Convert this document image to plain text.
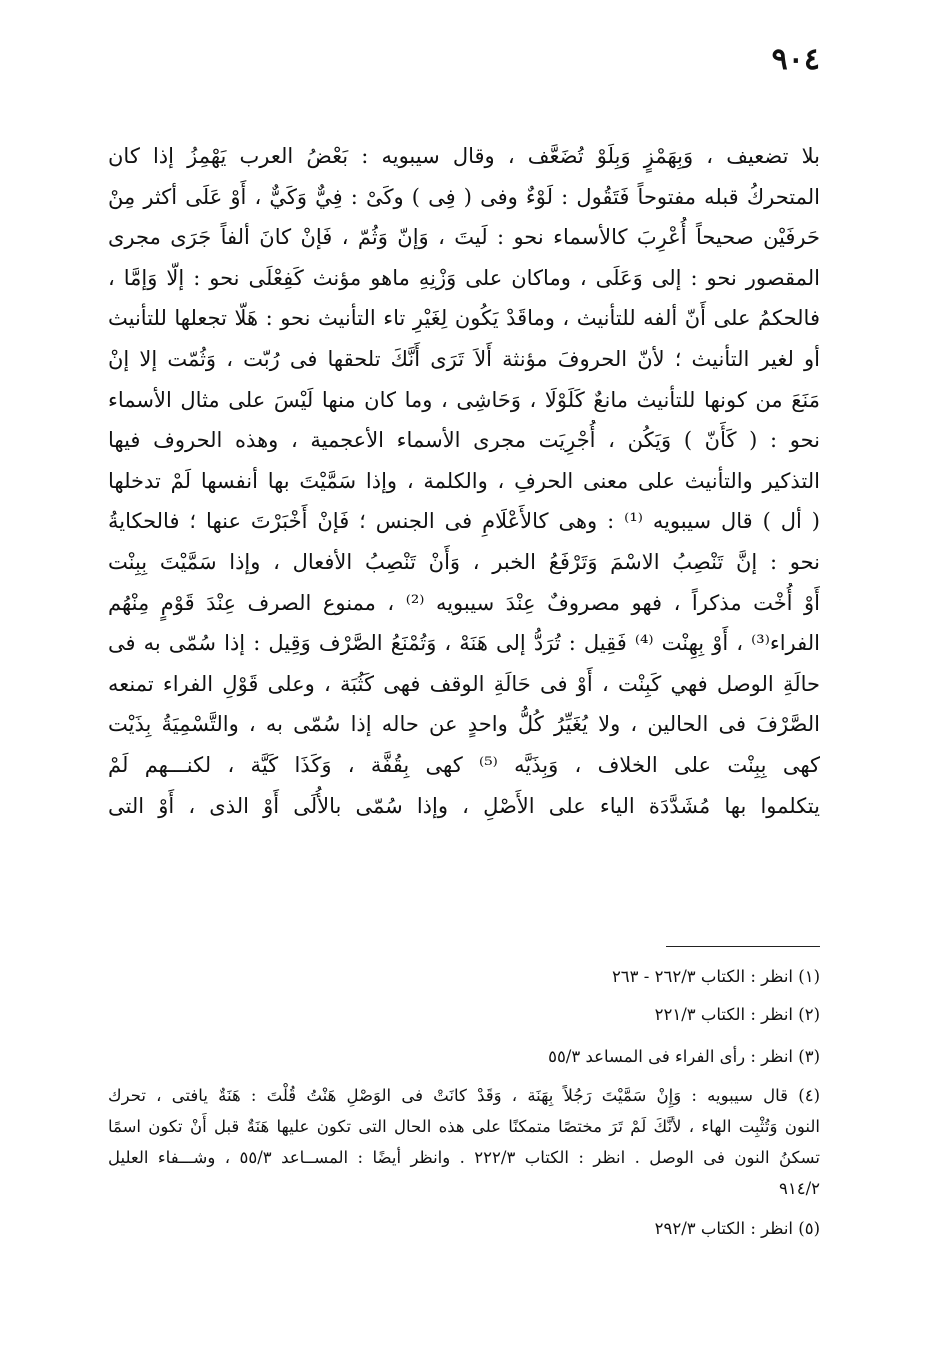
٩٠٤
بلا تضعيف ، وَبِهَمْزٍ وَبِلَوْ تُضَعَّف ، وقال سيبويه : بَعْضُ العرب يَهْمِزُ إذا كان
المتحركُ قبله مفتوحاً فَتَقُول : لَوْءٌ وفى ( فِى ) وكَىْ : فِيٌّ وَكَيٌّ ، أَوْ عَلَى أكثر مِنْ
حَرفَيْن صحيحاً أُعْرِبَ كالأسماء نحو : لَيتَ ، وَإنّ وَثُمّ ، فَإنْ كانَ ألفاً جَرَى مجرى
المقصور نحو : إلى وَعَلَى ، وماكان على وَزْنِهِ ماهو مؤنث كَفِعْلَى نحو : إلّا وَإمَّا ،
فالحكمُ على أَنّ ألفه للتأنيث ، وماقَدْ يَكُون لِغَيْرِ تاء التأنيث نحو : هَلّا تجعلها للتأنيث
أو لغير التأنيث ؛ لأنّ الحروفَ مؤنثة أَلاَ تَرَى أَنَّكَ تلحقها فى رُبّت ، وَثُمّت إلا إنْ
مَنَعَ من كونها للتأنيث مانعٌ كَلَوْلَا ، وَحَاشِى ، وما كان منها لَيْسَ على مثال الأسماء
نحو : ( كَأَنّ ) وَيَكُن ، أُجْرِيَت مجرى الأسماء الأعجمية ، وهذه الحروف فيها
التذكير والتأنيث على معنى الحرفِ ، والكلمة ، وإذا سَمَّيْتَ بها أنفسها لَمْ تدخلها
( أل ) قال سيبويه ⁽¹⁾ : وهى كالأَعْلَامِ فى الجنس ؛ فَإنْ أَخْبَرْتَ عنها ؛ فالحكايةُ
نحو : إنَّ تَنْصِبُ الاسْمَ وَتَرْفَعُ الخبر ، وَأَنْ تَنْصِبُ الأفعال ، وإذا سَمَّيْتَ بِبِنْت
أَوْ أُخْت مذكراً ، فهو مصروفٌ عِنْدَ سيبويه ⁽²⁾ ، ممنوع الصرف عِنْدَ قَوْمٍ مِنْهُم
الفراء⁽³⁾ ، أَوْ بِهِنْت ⁽⁴⁾ فَقِيل : تُرَدُّ إلى هَنَهْ ، وَتُمْنَعُ الصَّرْف وَقِيل : إذا سُمّى به فى
حالَةِ الوصل فهي كَبِنْت ، أَوْ فى حَالَةِ الوقف فهى كَثُبَة ، وعلى قَوْلِ الفراء تمنعه
الصَّرْفَ فى الحالين ، ولا يُغَيِّرُ كُلُّ واحدٍ عن حاله إذا سُمّى به ، والتَّسْمِيَةُ بِذَيْت
كهى بِبِنْت على الخلاف ، وَبِذَيَّه ⁽⁵⁾ كهى بِقُفَّة ، وَكَذَا كَيَّة ، لكنـــهم لَمْ
يتكلموا بها مُشَدَّدَة الياء على الأَصْلِ ، وإذا سُمّى بالأُلَى أَوْ الذى ، أَوْ التى
(١) انظر : الكتاب ٢٦٢/٣ - ٢٦٣
(٢) انظر : الكتاب ٢٢١/٣
(٣) انظر : رأى الفراء فى المساعد ٥٥/٣
(٤) قال سيبويه : وَإِنْ سَمَّيْتَ رَجُلاً بِهَنَة ، وَقَدْ كانَتْ فى الوَصْلِ هَنْتُ قُلْتَ : هَنَةٌ يافتى ، تحرك
النون وَتُثْبِت الهاء ، لأنَّكَ لَمْ تَرَ مختصًا متمكنًا على هذه الحال التى تكون عليها هَنَةٌ قبل أَنْ تكون اسمًا
تسكنُ النون فى الوصل . انظر : الكتاب ٢٢٢/٣ . وانظر أيضًا : المســاعد ٥٥/٣ ، وشـــفاء العليل
٩١٤/٢
(٥) انظر : الكتاب ٢٩٢/٣
